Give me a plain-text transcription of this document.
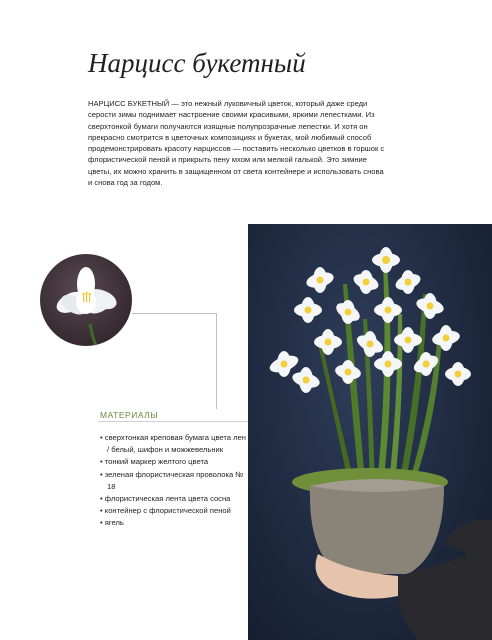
Нарцисс букетный

НАРЦИСС БУКЕТНЫЙ — это нежный луковичный цветок, который даже среди серости зимы поднимает настроение своими красивыми, яркими лепестками. Из сверхтонкой бумаги получаются изящные полупрозрачные лепестки. И хотя он прекрасно смотрится в цветочных композициях и букетах, мой любимый способ продемонстрировать красоту нарциссов — поставить несколько цветков в горшок с флористической пеной и прикрыть пену мхом или мелкой галькой. Это зимние цветы, их можно хранить в защищенном от света контейнере и использовать снова и снова год за годом.

МАТЕРИАЛЫ
• сверхтонкая креповая бумага цвета лен / белый, шифон и можжевельник
• тонкий маркер желтого цвета
• зеленая флористическая проволока № 18
• флористическая лента цвета сосна
• контейнер с флористической пеной
• ягель
